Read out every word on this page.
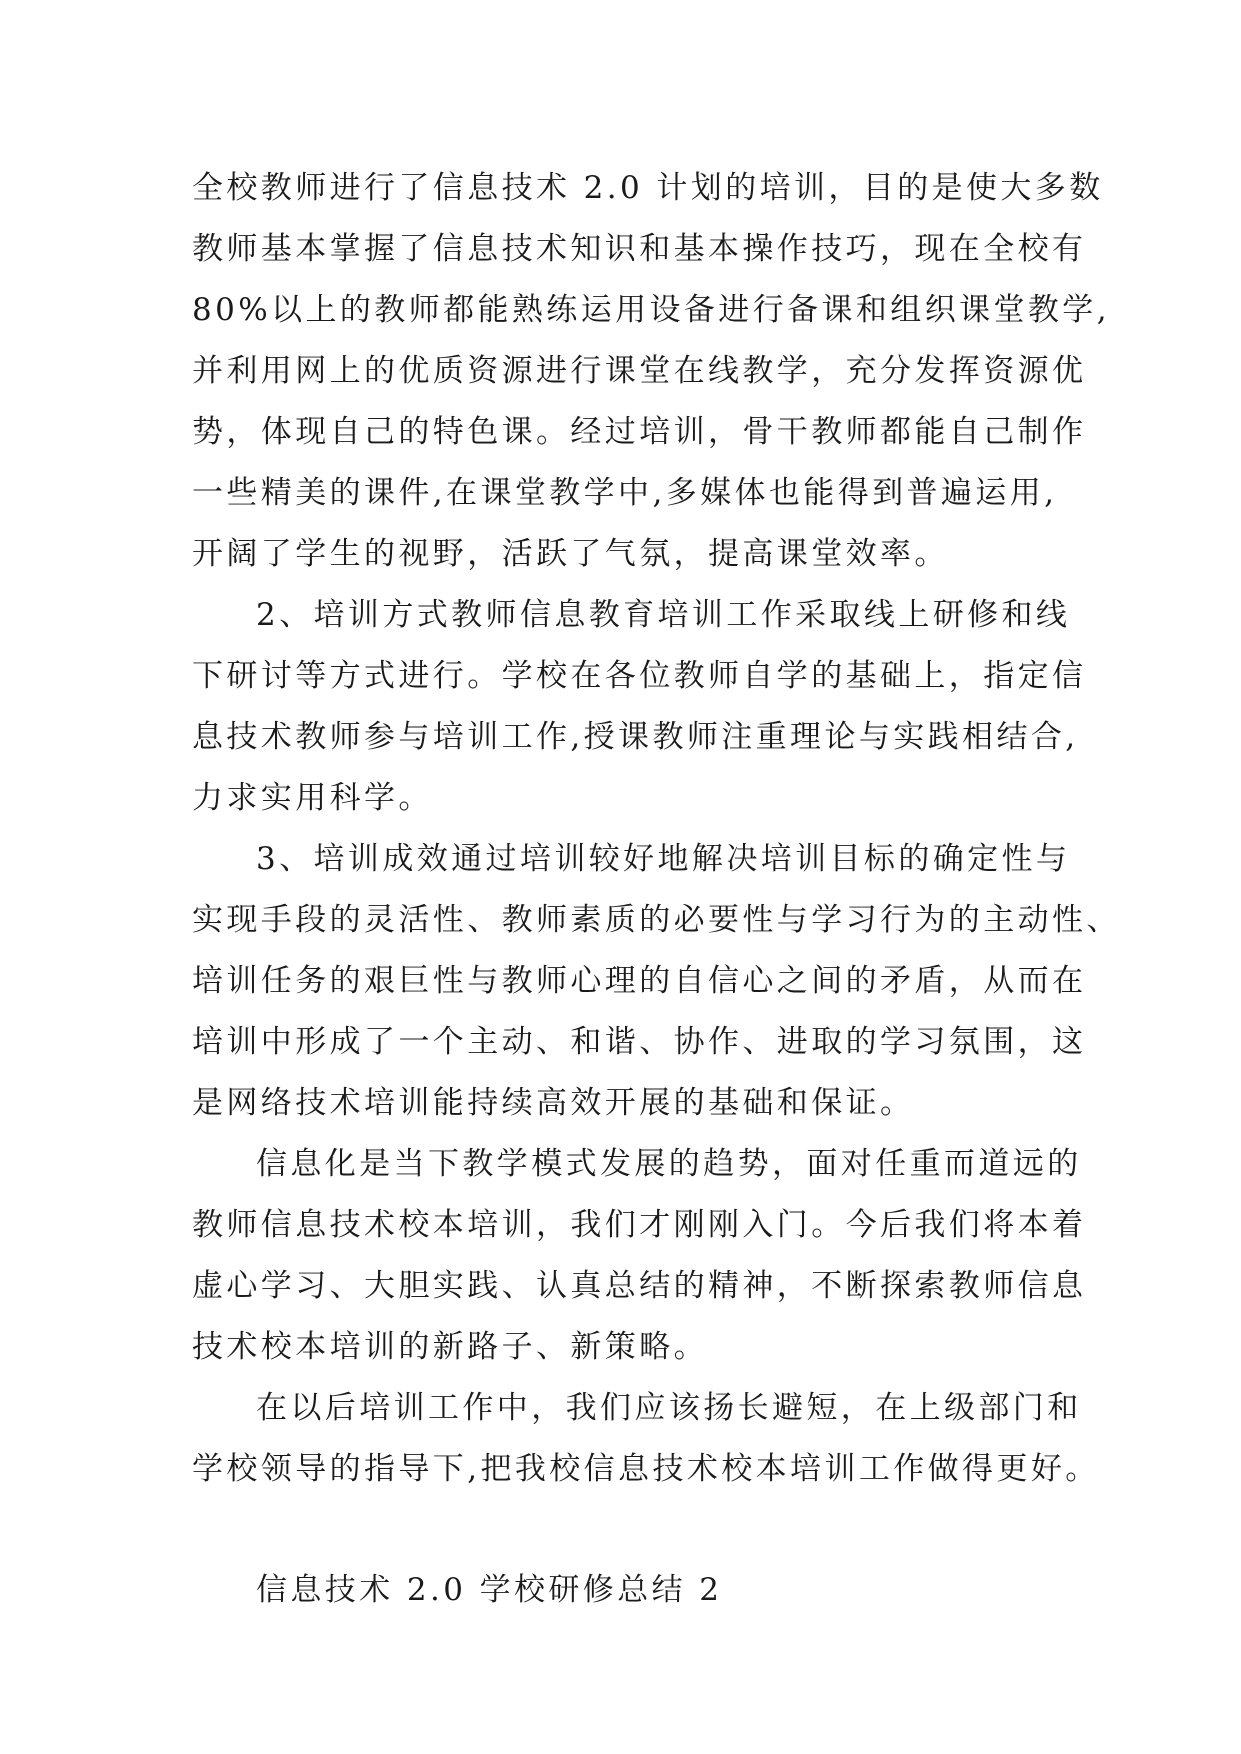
全校教师进行了信息技术 2.0 计划的培训，目的是使大多数
教师基本掌握了信息技术知识和基本操作技巧，现在全校有
80%以上的教师都能熟练运用设备进行备课和组织课堂教学,
并利用网上的优质资源进行课堂在线教学，充分发挥资源优
势，体现自己的特色课。经过培训，骨干教师都能自己制作
一些精美的课件,在课堂教学中,多媒体也能得到普遍运用,
开阔了学生的视野，活跃了气氛，提高课堂效率。
2、培训方式教师信息教育培训工作采取线上研修和线
下研讨等方式进行。学校在各位教师自学的基础上，指定信
息技术教师参与培训工作,授课教师注重理论与实践相结合,
力求实用科学。
3、培训成效通过培训较好地解决培训目标的确定性与
实现手段的灵活性、教师素质的必要性与学习行为的主动性、
培训任务的艰巨性与教师心理的自信心之间的矛盾，从而在
培训中形成了一个主动、和谐、协作、进取的学习氛围，这
是网络技术培训能持续高效开展的基础和保证。
信息化是当下教学模式发展的趋势，面对任重而道远的
教师信息技术校本培训，我们才刚刚入门。今后我们将本着
虚心学习、大胆实践、认真总结的精神，不断探索教师信息
技术校本培训的新路子、新策略。
在以后培训工作中，我们应该扬长避短，在上级部门和
学校领导的指导下,把我校信息技术校本培训工作做得更好。
信息技术 2.0 学校研修总结 2
